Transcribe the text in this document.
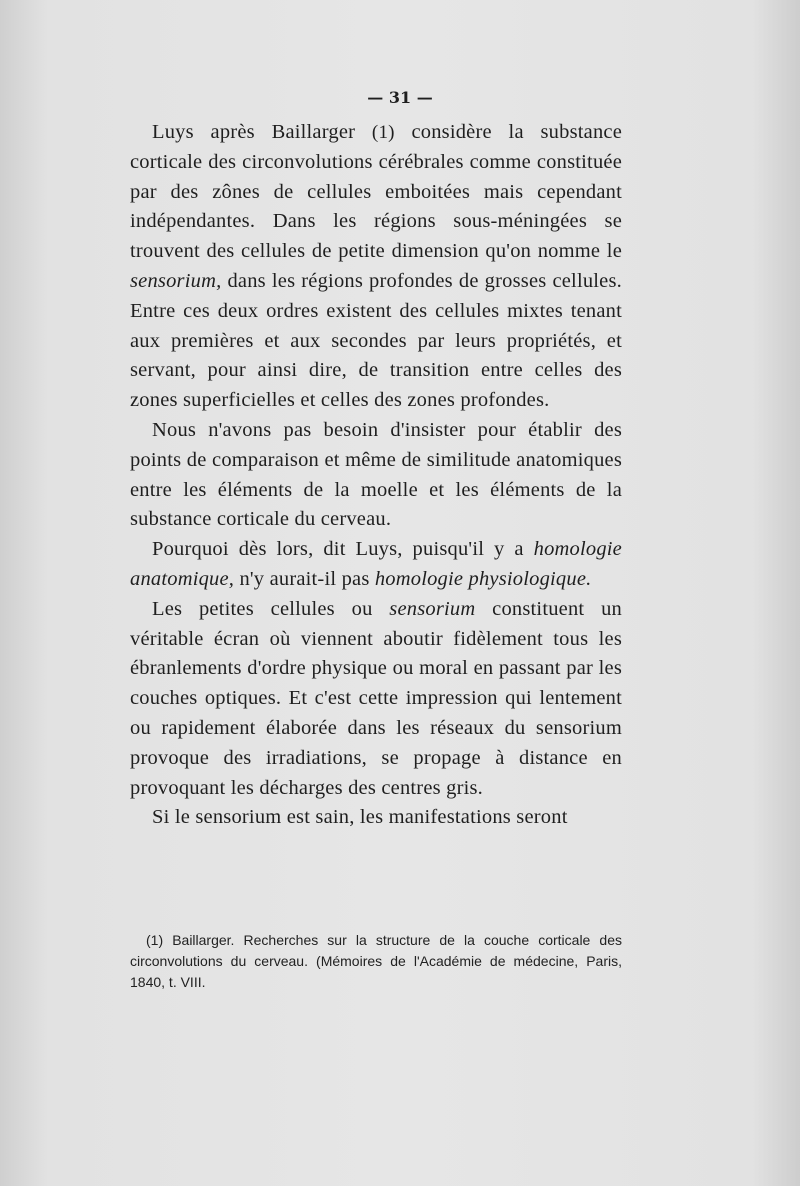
— 31 —

Luys après Baillarger (1) considère la substance corticale des circonvolutions cérébrales comme constituée par des zônes de cellules emboitées mais cependant indépendantes. Dans les régions sous-méningées se trouvent des cellules de petite dimension qu'on nomme le sensorium, dans les régions profondes de grosses cellules. Entre ces deux ordres existent des cellules mixtes tenant aux premières et aux secondes par leurs propriétés, et servant, pour ainsi dire, de transition entre celles des zones superficielles et celles des zones profondes.

Nous n'avons pas besoin d'insister pour établir des points de comparaison et même de similitude anatomiques entre les éléments de la moelle et les éléments de la substance corticale du cerveau.

Pourquoi dès lors, dit Luys, puisqu'il y a homologie anatomique, n'y aurait-il pas homologie physiologique.

Les petites cellules ou sensorium constituent un véritable écran où viennent aboutir fidèlement tous les ébranlements d'ordre physique ou moral en passant par les couches optiques. Et c'est cette impression qui lentement ou rapidement élaborée dans les réseaux du sensorium provoque des irradiations, se propage à distance en provoquant les décharges des centres gris.

Si le sensorium est sain, les manifestations seront

(1) Baillarger. Recherches sur la structure de la couche corticale des circonvolutions du cerveau. (Mémoires de l'Académie de médecine, Paris, 1840, t. VIII.
